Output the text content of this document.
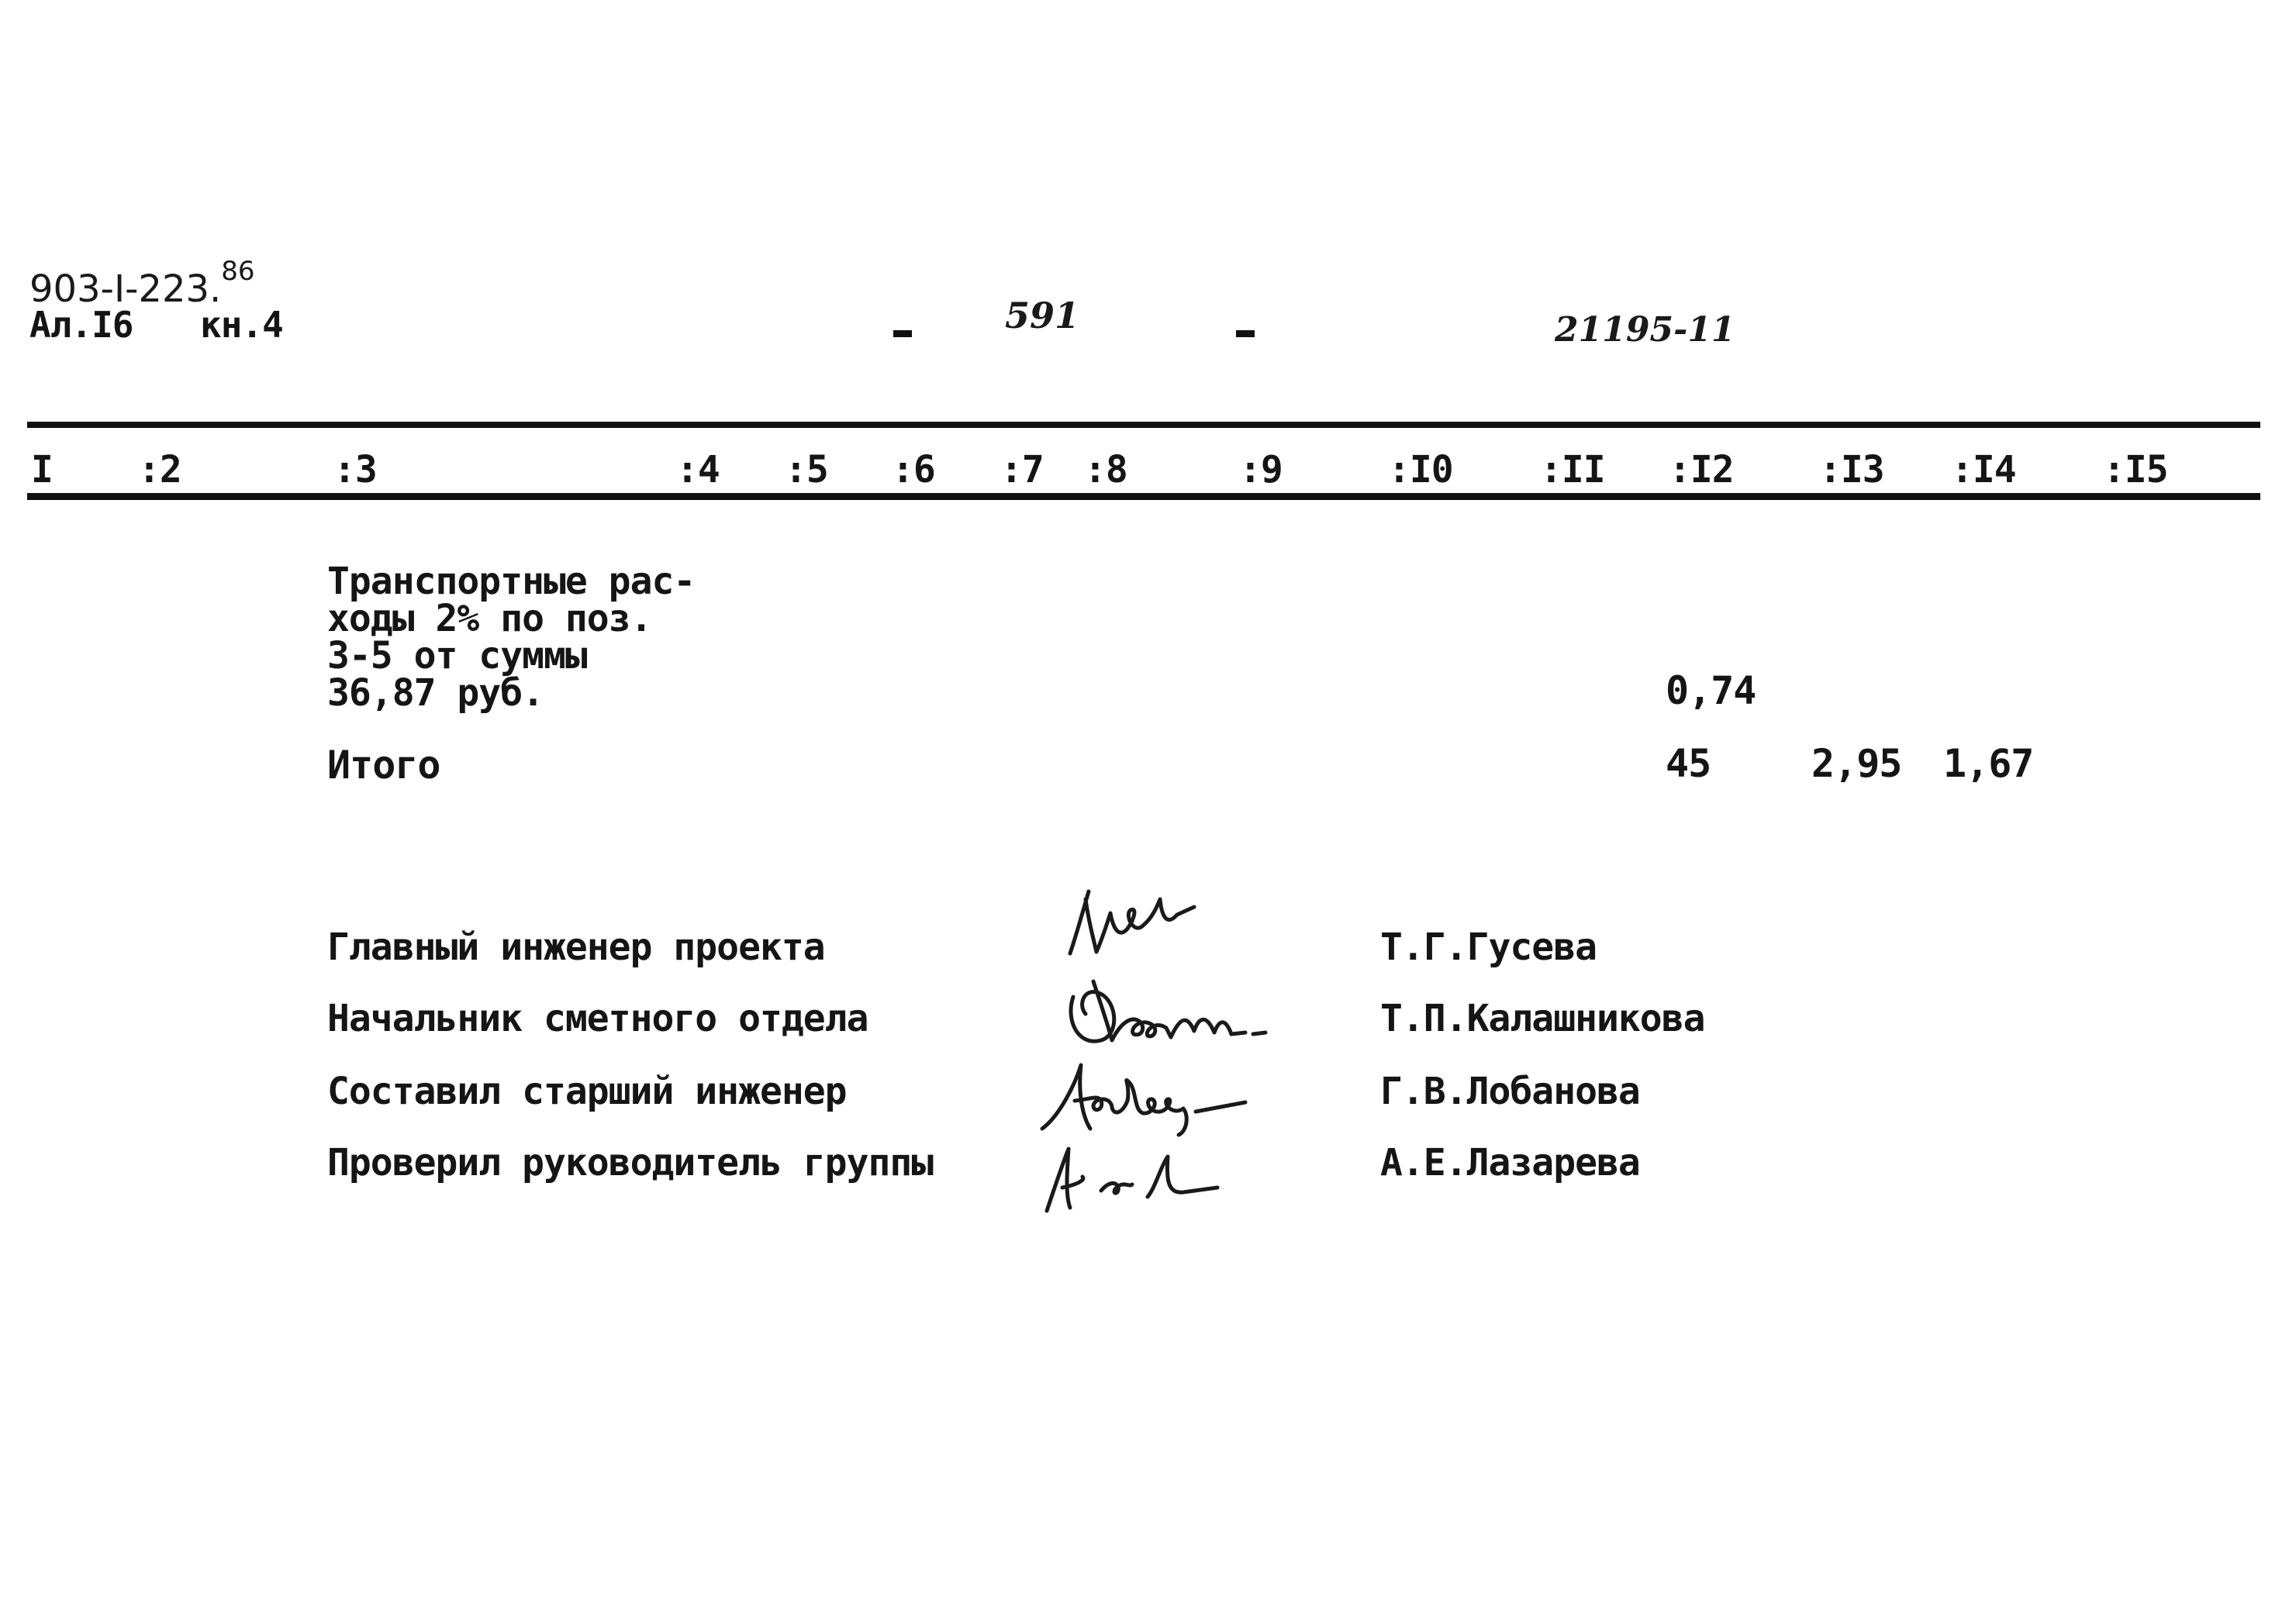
903-I-223.86
Ал.I6 кн.4	591	21195-11
I :2	:3	:4 :5 :6 :7 :8	:9	:I0 :II :I2 :I3 :I4 :I5
Транспортные рас-
ходы 2% по поз.
3-5 от суммы
36,87 руб.	0,74
Итого	45	2,95 1,67
Главный инженер проекта	Т.Г.Гусева
Начальник сметного отдела	Т.П.Калашникова
Составил старший инженер	Г.В.Лобанова
Проверил руководитель группы	А.Е.Лазарева
